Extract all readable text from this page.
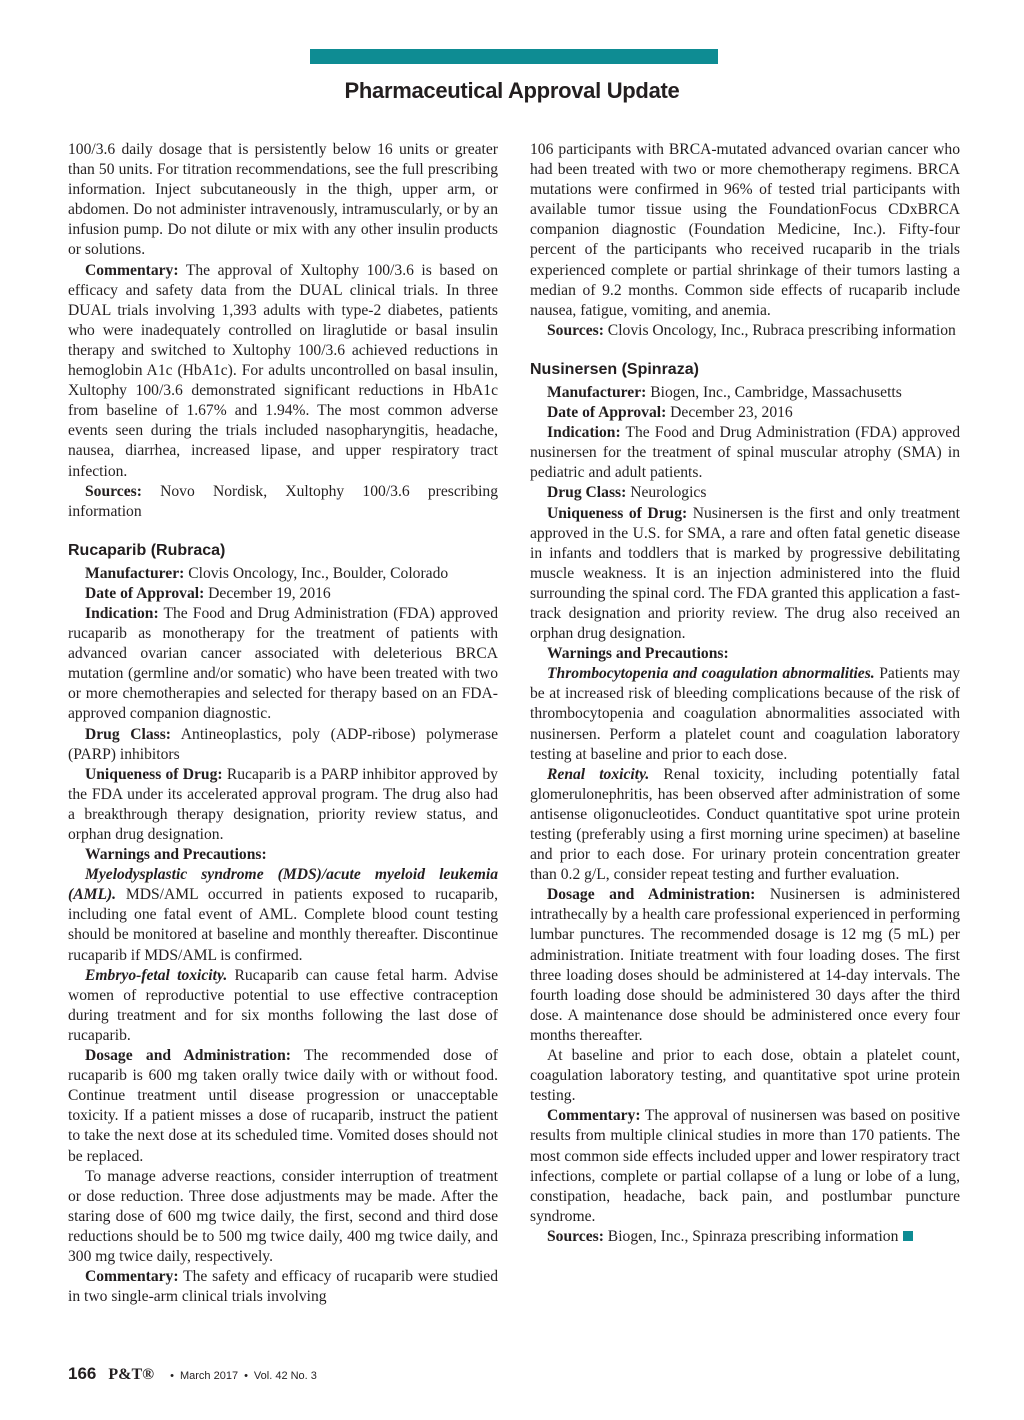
Pharmaceutical Approval Update

100/3.6 daily dosage that is persistently below 16 units or greater than 50 units. For titration recommendations, see the full prescribing information. Inject subcutaneously in the thigh, upper arm, or abdomen. Do not administer intravenously, intramuscularly, or by an infusion pump. Do not dilute or mix with any other insulin products or solutions.

Commentary: The approval of Xultophy 100/3.6 is based on efficacy and safety data from the DUAL clinical trials. In three DUAL trials involving 1,393 adults with type-2 diabetes, patients who were inadequately controlled on liraglutide or basal insulin therapy and switched to Xultophy 100/3.6 achieved reductions in hemoglobin A1c (HbA1c). For adults uncontrolled on basal insulin, Xultophy 100/3.6 demonstrated significant reductions in HbA1c from baseline of 1.67% and 1.94%. The most common adverse events seen during the trials included nasopharyngitis, headache, nausea, diarrhea, increased lipase, and upper respiratory tract infection.

Sources: Novo Nordisk, Xultophy 100/3.6 prescribing information

Rucaparib (Rubraca)

Manufacturer: Clovis Oncology, Inc., Boulder, Colorado

Date of Approval: December 19, 2016

Indication: The Food and Drug Administration (FDA) approved rucaparib as monotherapy for the treatment of patients with advanced ovarian cancer associated with deleterious BRCA mutation (germline and/or somatic) who have been treated with two or more chemotherapies and selected for therapy based on an FDA-approved companion diagnostic.

Drug Class: Antineoplastics, poly (ADP-ribose) polymerase (PARP) inhibitors

Uniqueness of Drug: Rucaparib is a PARP inhibitor approved by the FDA under its accelerated approval program. The drug also had a breakthrough therapy designation, priority review status, and orphan drug designation.

Warnings and Precautions:

Myelodysplastic syndrome (MDS)/acute myeloid leukemia (AML). MDS/AML occurred in patients exposed to rucaparib, including one fatal event of AML. Complete blood count testing should be monitored at baseline and monthly thereafter. Discontinue rucaparib if MDS/AML is confirmed.

Embryo-fetal toxicity. Rucaparib can cause fetal harm. Advise women of reproductive potential to use effective contraception during treatment and for six months following the last dose of rucaparib.

Dosage and Administration: The recommended dose of rucaparib is 600 mg taken orally twice daily with or without food. Continue treatment until disease progression or unacceptable toxicity. If a patient misses a dose of rucaparib, instruct the patient to take the next dose at its scheduled time. Vomited doses should not be replaced.

To manage adverse reactions, consider interruption of treatment or dose reduction. Three dose adjustments may be made. After the staring dose of 600 mg twice daily, the first, second and third dose reductions should be to 500 mg twice daily, 400 mg twice daily, and 300 mg twice daily, respectively.

Commentary: The safety and efficacy of rucaparib were studied in two single-arm clinical trials involving

106 participants with BRCA-mutated advanced ovarian cancer who had been treated with two or more chemotherapy regimens. BRCA mutations were confirmed in 96% of tested trial participants with available tumor tissue using the FoundationFocus CDxBRCA companion diagnostic (Foundation Medicine, Inc.). Fifty-four percent of the participants who received rucaparib in the trials experienced complete or partial shrinkage of their tumors lasting a median of 9.2 months. Common side effects of rucaparib include nausea, fatigue, vomiting, and anemia.

Sources: Clovis Oncology, Inc., Rubraca prescribing information

Nusinersen (Spinraza)

Manufacturer: Biogen, Inc., Cambridge, Massachusetts

Date of Approval: December 23, 2016

Indication: The Food and Drug Administration (FDA) approved nusinersen for the treatment of spinal muscular atrophy (SMA) in pediatric and adult patients.

Drug Class: Neurologics

Uniqueness of Drug: Nusinersen is the first and only treatment approved in the U.S. for SMA, a rare and often fatal genetic disease in infants and toddlers that is marked by progressive debilitating muscle weakness. It is an injection administered into the fluid surrounding the spinal cord. The FDA granted this application a fast-track designation and priority review. The drug also received an orphan drug designation.

Warnings and Precautions:

Thrombocytopenia and coagulation abnormalities. Patients may be at increased risk of bleeding complications because of the risk of thrombocytopenia and coagulation abnormalities associated with nusinersen. Perform a platelet count and coagulation laboratory testing at baseline and prior to each dose.

Renal toxicity. Renal toxicity, including potentially fatal glomerulonephritis, has been observed after administration of some antisense oligonucleotides. Conduct quantitative spot urine protein testing (preferably using a first morning urine specimen) at baseline and prior to each dose. For urinary protein concentration greater than 0.2 g/L, consider repeat testing and further evaluation.

Dosage and Administration: Nusinersen is administered intrathecally by a health care professional experienced in performing lumbar punctures. The recommended dosage is 12 mg (5 mL) per administration. Initiate treatment with four loading doses. The first three loading doses should be administered at 14-day intervals. The fourth loading dose should be administered 30 days after the third dose. A maintenance dose should be administered once every four months thereafter.

At baseline and prior to each dose, obtain a platelet count, coagulation laboratory testing, and quantitative spot urine protein testing.

Commentary: The approval of nusinersen was based on positive results from multiple clinical studies in more than 170 patients. The most common side effects included upper and lower respiratory tract infections, complete or partial collapse of a lung or lobe of a lung, constipation, headache, back pain, and postlumbar puncture syndrome.

Sources: Biogen, Inc., Spinraza prescribing information

166 P&T® • March 2017 • Vol. 42 No. 3
